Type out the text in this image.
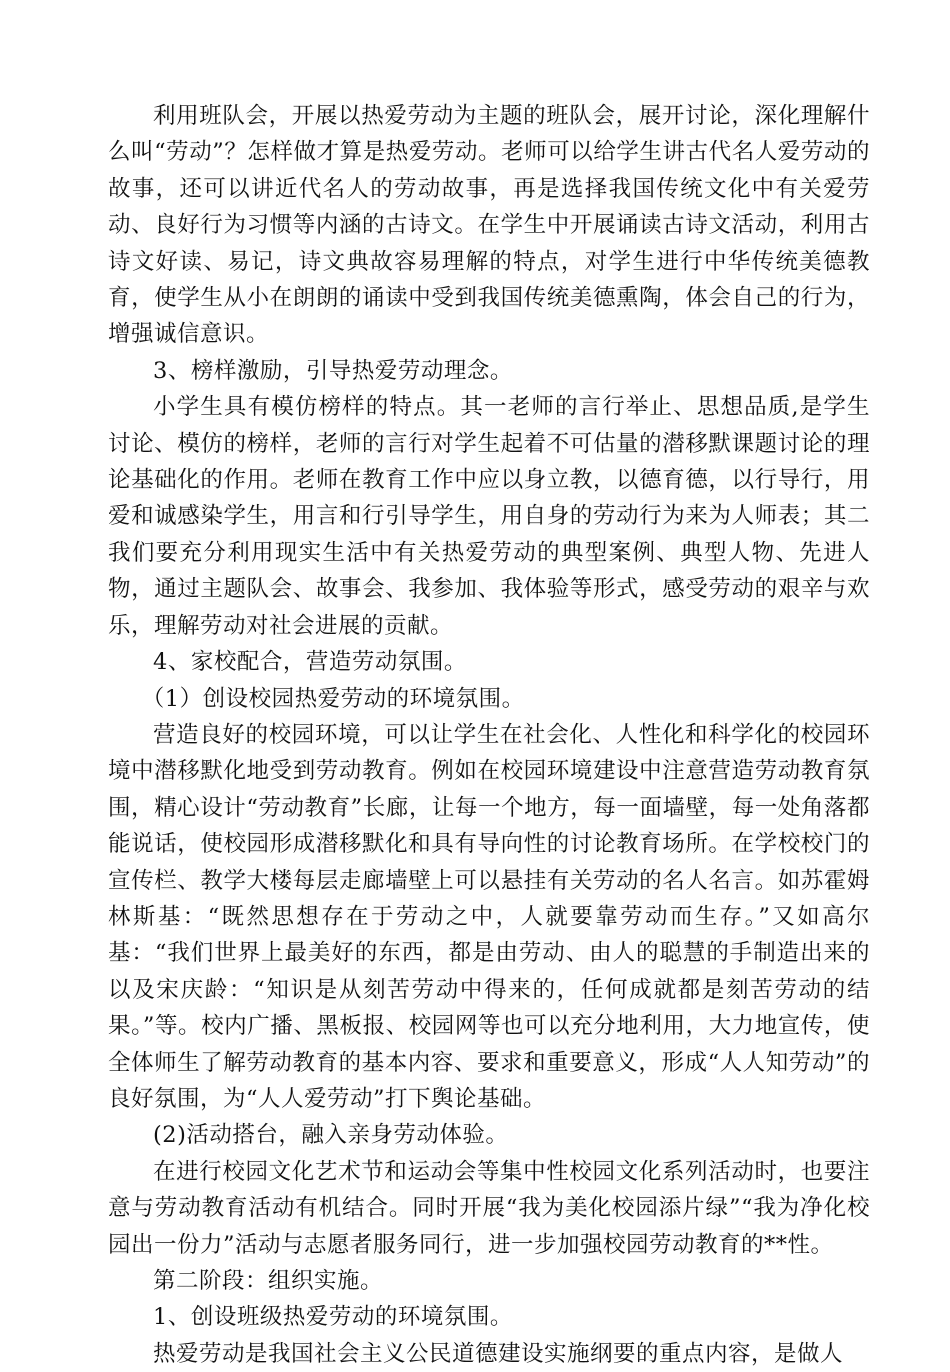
利用班队会，开展以热爱劳动为主题的班队会，展开讨论，深化理解什么叫“劳动”？怎样做才算是热爱劳动。老师可以给学生讲古代名人爱劳动的故事，还可以讲近代名人的劳动故事，再是选择我国传统文化中有关爱劳动、良好行为习惯等内涵的古诗文。在学生中开展诵读古诗文活动，利用古诗文好读、易记，诗文典故容易理解的特点，对学生进行中华传统美德教育，使学生从小在朗朗的诵读中受到我国传统美德熏陶，体会自己的行为，增强诚信意识。

3、榜样激励，引导热爱劳动理念。

小学生具有模仿榜样的特点。其一老师的言行举止、思想品质,是学生讨论、模仿的榜样，老师的言行对学生起着不可估量的潜移默课题讨论的理论基础化的作用。老师在教育工作中应以身立教，以德育德，以行导行，用爱和诚感染学生，用言和行引导学生，用自身的劳动行为来为人师表；其二我们要充分利用现实生活中有关热爱劳动的典型案例、典型人物、先进人物，通过主题队会、故事会、我参加、我体验等形式，感受劳动的艰辛与欢乐，理解劳动对社会进展的贡献。

4、家校配合，营造劳动氛围。

（1）创设校园热爱劳动的环境氛围。

营造良好的校园环境，可以让学生在社会化、人性化和科学化的校园环境中潜移默化地受到劳动教育。例如在校园环境建设中注意营造劳动教育氛围，精心设计“劳动教育”长廊，让每一个地方，每一面墙壁，每一处角落都能说话，使校园形成潜移默化和具有导向性的讨论教育场所。在学校校门的宣传栏、教学大楼每层走廊墙壁上可以悬挂有关劳动的名人名言。如苏霍姆林斯基：“既然思想存在于劳动之中，人就要靠劳动而生存。”又如高尔基：“我们世界上最美好的东西，都是由劳动、由人的聪慧的手制造出来的以及宋庆龄：“知识是从刻苦劳动中得来的，任何成就都是刻苦劳动的结果。”等。校内广播、黑板报、校园网等也可以充分地利用，大力地宣传，使全体师生了解劳动教育的基本内容、要求和重要意义，形成“人人知劳动”的良好氛围，为“人人爱劳动”打下舆论基础。

(2)活动搭台，融入亲身劳动体验。

在进行校园文化艺术节和运动会等集中性校园文化系列活动时，也要注意与劳动教育活动有机结合。同时开展“我为美化校园添片绿”“我为净化校园出一份力”活动与志愿者服务同行，进一步加强校园劳动教育的**性。

第二阶段：组织实施。

1、创设班级热爱劳动的环境氛围。

热爱劳动是我国社会主义公民道德建设实施纲要的重点内容，是做人
